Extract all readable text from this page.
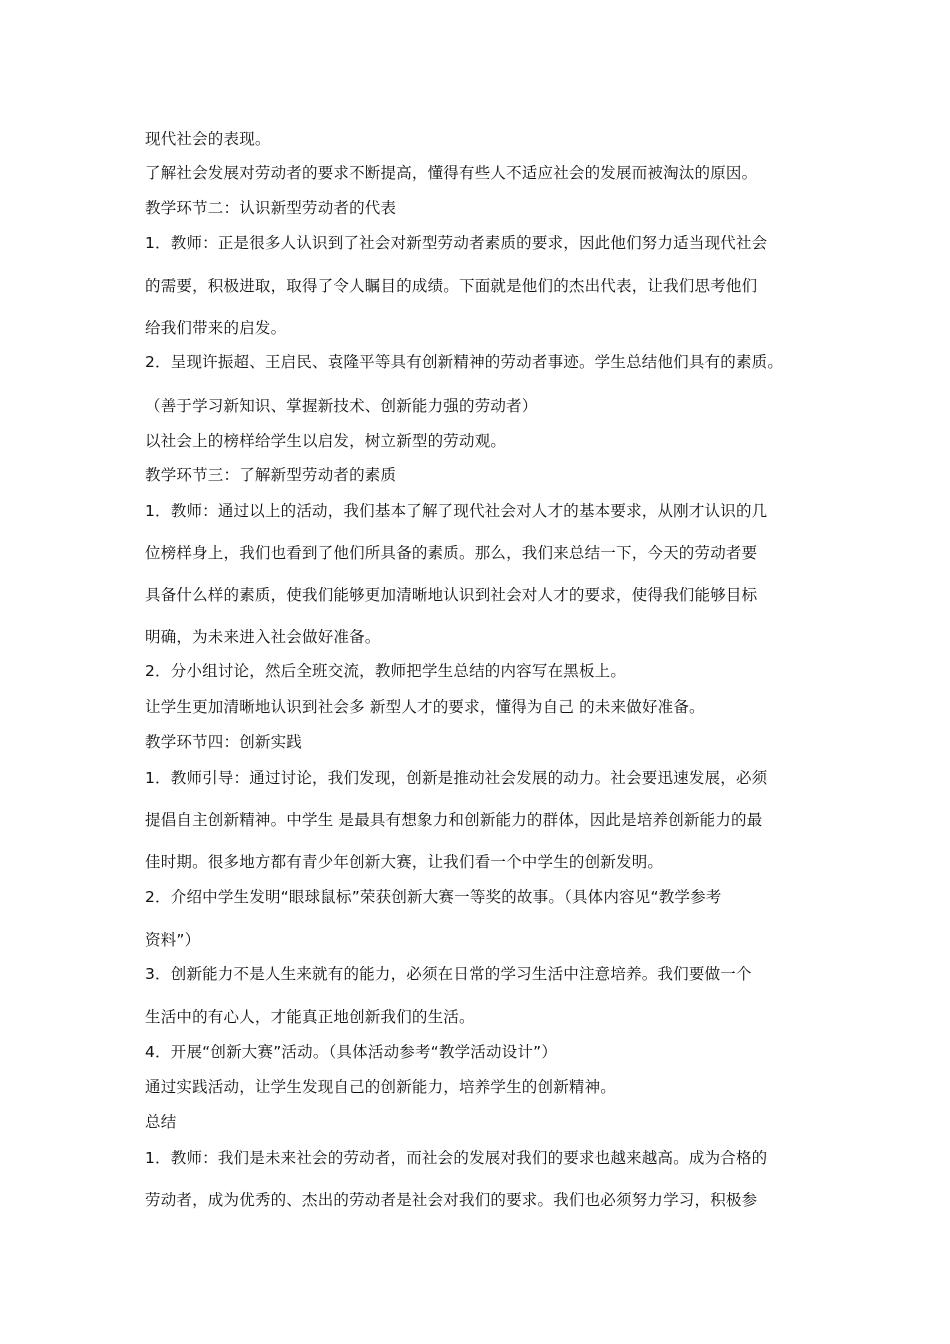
现代社会的表现。
了解社会发展对劳动者的要求不断提高，懂得有些人不适应社会的发展而被淘汰的原因。
教学环节二：认识新型劳动者的代表
1．教师：正是很多人认识到了社会对新型劳动者素质的要求，因此他们努力适当现代社会
的需要，积极进取，取得了令人瞩目的成绩。下面就是他们的杰出代表，让我们思考他们
给我们带来的启发。
2．呈现许振超、王启民、袁隆平等具有创新精神的劳动者事迹。学生总结他们具有的素质。
（善于学习新知识、掌握新技术、创新能力强的劳动者）
以社会上的榜样给学生以启发，树立新型的劳动观。
教学环节三：了解新型劳动者的素质
1．教师：通过以上的活动，我们基本了解了现代社会对人才的基本要求，从刚才认识的几
位榜样身上，我们也看到了他们所具备的素质。那么，我们来总结一下，今天的劳动者要
具备什么样的素质，使我们能够更加清晰地认识到社会对人才的要求，使得我们能够目标
明确，为未来进入社会做好准备。
2．分小组讨论，然后全班交流，教师把学生总结的内容写在黑板上。
让学生更加清晰地认识到社会多 新型人才的要求，懂得为自己 的未来做好准备。
教学环节四：创新实践
1．教师引导：通过讨论，我们发现，创新是推动社会发展的动力。社会要迅速发展，必须
提倡自主创新精神。中学生 是最具有想象力和创新能力的群体，因此是培养创新能力的最
佳时期。很多地方都有青少年创新大赛，让我们看一个中学生的创新发明。
2．介绍中学生发明“眼球鼠标”荣获创新大赛一等奖的故事。（具体内容见“教学参考
资料”）
3．创新能力不是人生来就有的能力，必须在日常的学习生活中注意培养。我们要做一个
生活中的有心人，才能真正地创新我们的生活。
4．开展“创新大赛”活动。（具体活动参考“教学活动设计”）
通过实践活动，让学生发现自己的创新能力，培养学生的创新精神。
总结
1．教师：我们是未来社会的劳动者，而社会的发展对我们的要求也越来越高。成为合格的
劳动者，成为优秀的、杰出的劳动者是社会对我们的要求。我们也必须努力学习，积极参
